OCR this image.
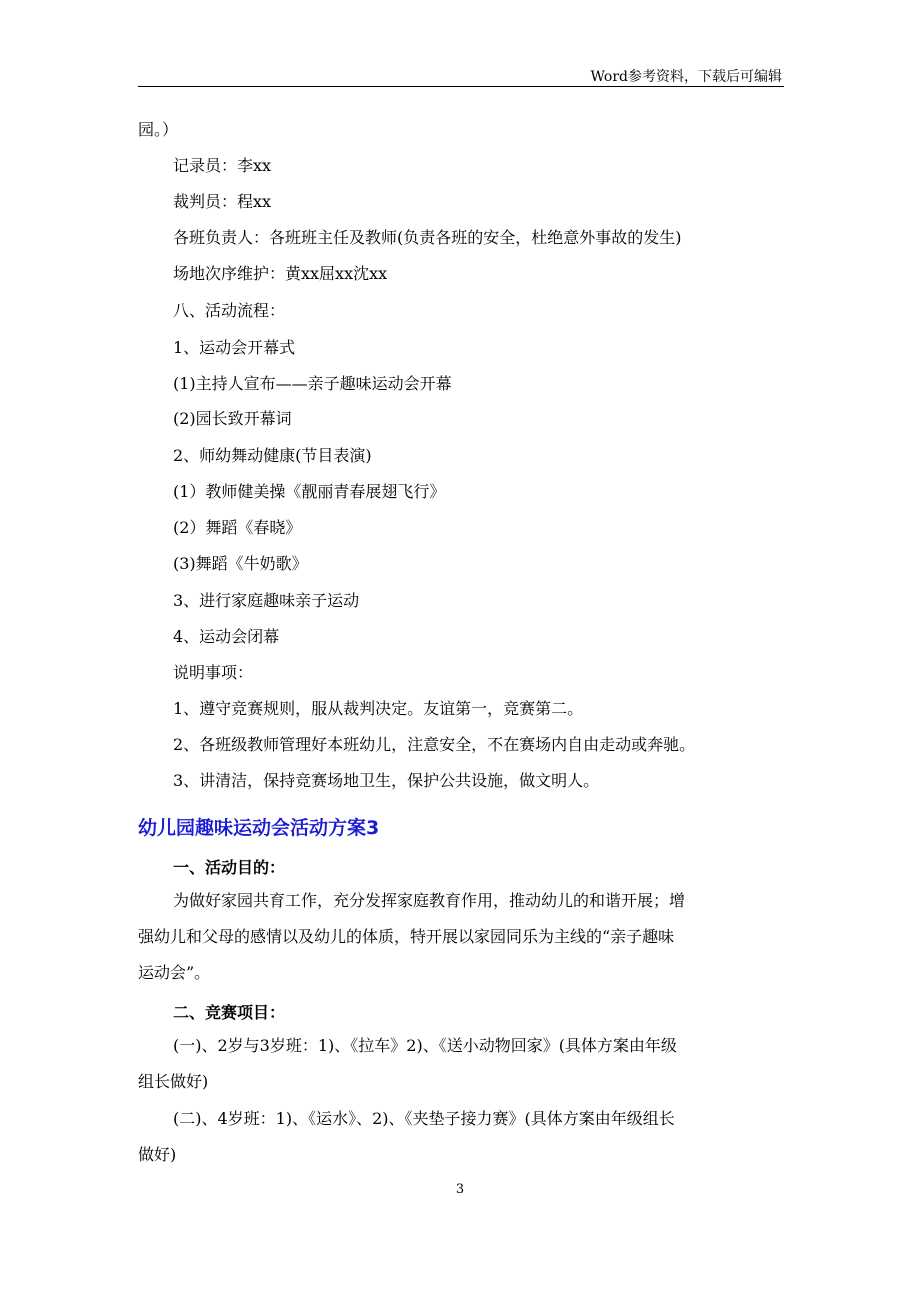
Word参考资料，下载后可编辑
园。）
记录员：李xx
裁判员：程xx
各班负责人：各班班主任及教师(负责各班的安全，杜绝意外事故的发生)
场地次序维护：黄xx屈xx沈xx
八、活动流程：
1、运动会开幕式
(1)主持人宣布——亲子趣味运动会开幕
(2)园长致开幕词
2、师幼舞动健康(节目表演)
(1）教师健美操《靓丽青春展翅飞行》
(2）舞蹈《春晓》
(3)舞蹈《牛奶歌》
3、进行家庭趣味亲子运动
4、运动会闭幕
说明事项：
1、遵守竞赛规则，服从裁判决定。友谊第一，竞赛第二。
2、各班级教师管理好本班幼儿，注意安全，不在赛场内自由走动或奔驰。
3、讲清洁，保持竞赛场地卫生，保护公共设施，做文明人。
幼儿园趣味运动会活动方案3
一、活动目的：
为做好家园共育工作，充分发挥家庭教育作用，推动幼儿的和谐开展；增
强幼儿和父母的感情以及幼儿的体质，特开展以家园同乐为主线的“亲子趣味
运动会”。
二、竞赛项目：
(一)、2岁与3岁班：1)、《拉车》2)、《送小动物回家》(具体方案由年级
组长做好)
(二)、4岁班：1)、《运水》、2)、《夹垫子接力赛》(具体方案由年级组长
做好)
3
